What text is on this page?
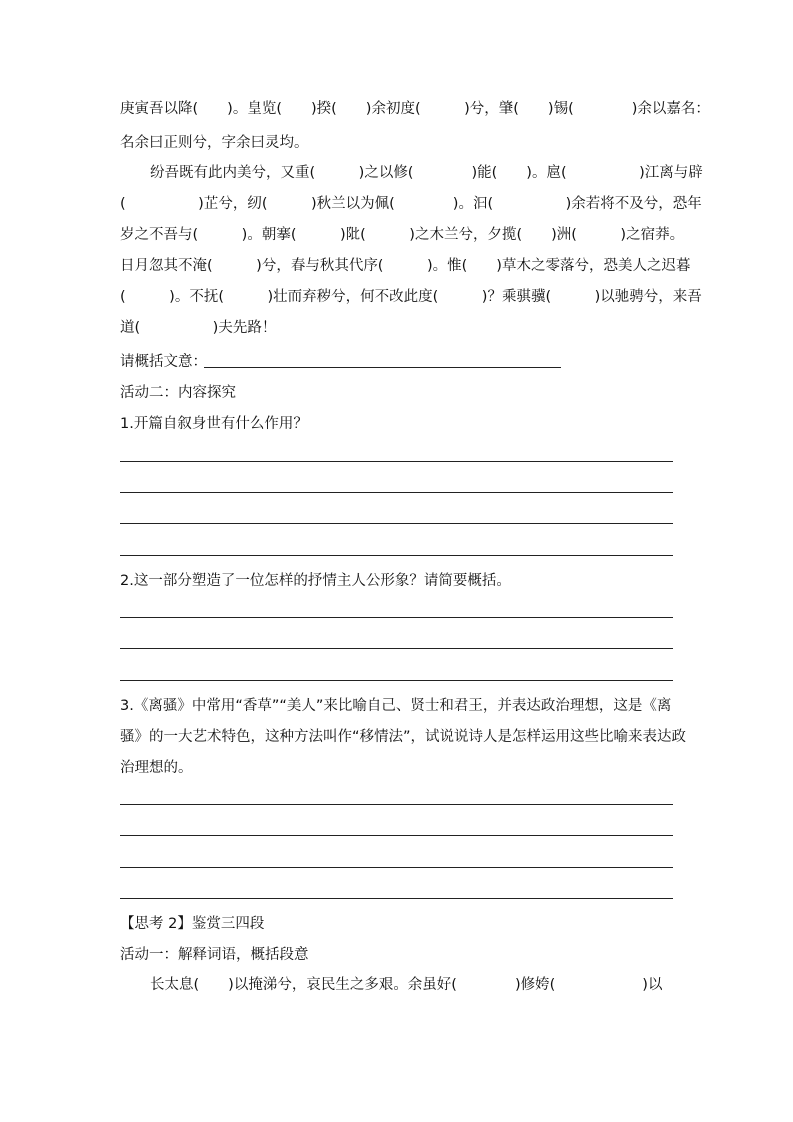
庚寅吾以降(　　)。皇览(　　)揆(　　)余初度(　　　)兮，肇(　　)锡(　　　　)余以嘉名：
名余曰正则兮，字余曰灵均。
纷吾既有此内美兮，又重(　　　)之以修(　　　　)能(　　)。扈(　　　　　)江离与辟
(　　　　　)芷兮，纫(　　　)秋兰以为佩(　　　　)。汩(　　　　　)余若将不及兮，恐年
岁之不吾与(　　　)。朝搴(　　　)阰(　　　)之木兰兮，夕揽(　　)洲(　　　)之宿莽。
日月忽其不淹(　　　)兮，春与秋其代序(　　　)。惟(　　)草木之零落兮，恐美人之迟暮
(　　　)。不抚(　　　)壮而弃秽兮，何不改此度(　　　)？乘骐骥(　　　)以驰骋兮，来吾
道(　　　　　)夫先路！
请概括文意：
活动二：内容探究
1.开篇自叙身世有什么作用？
2.这一部分塑造了一位怎样的抒情主人公形象？请简要概括。
3.《离骚》中常用“香草”“美人”来比喻自己、贤士和君王，并表达政治理想，这是《离
骚》的一大艺术特色，这种方法叫作“移情法”，试说说诗人是怎样运用这些比喻来表达政
治理想的。
【思考 2】鉴赏三四段
活动一：解释词语，概括段意
长太息(　　)以掩涕兮，哀民生之多艰。余虽好(　　　　)修姱(　　　　　　)以
